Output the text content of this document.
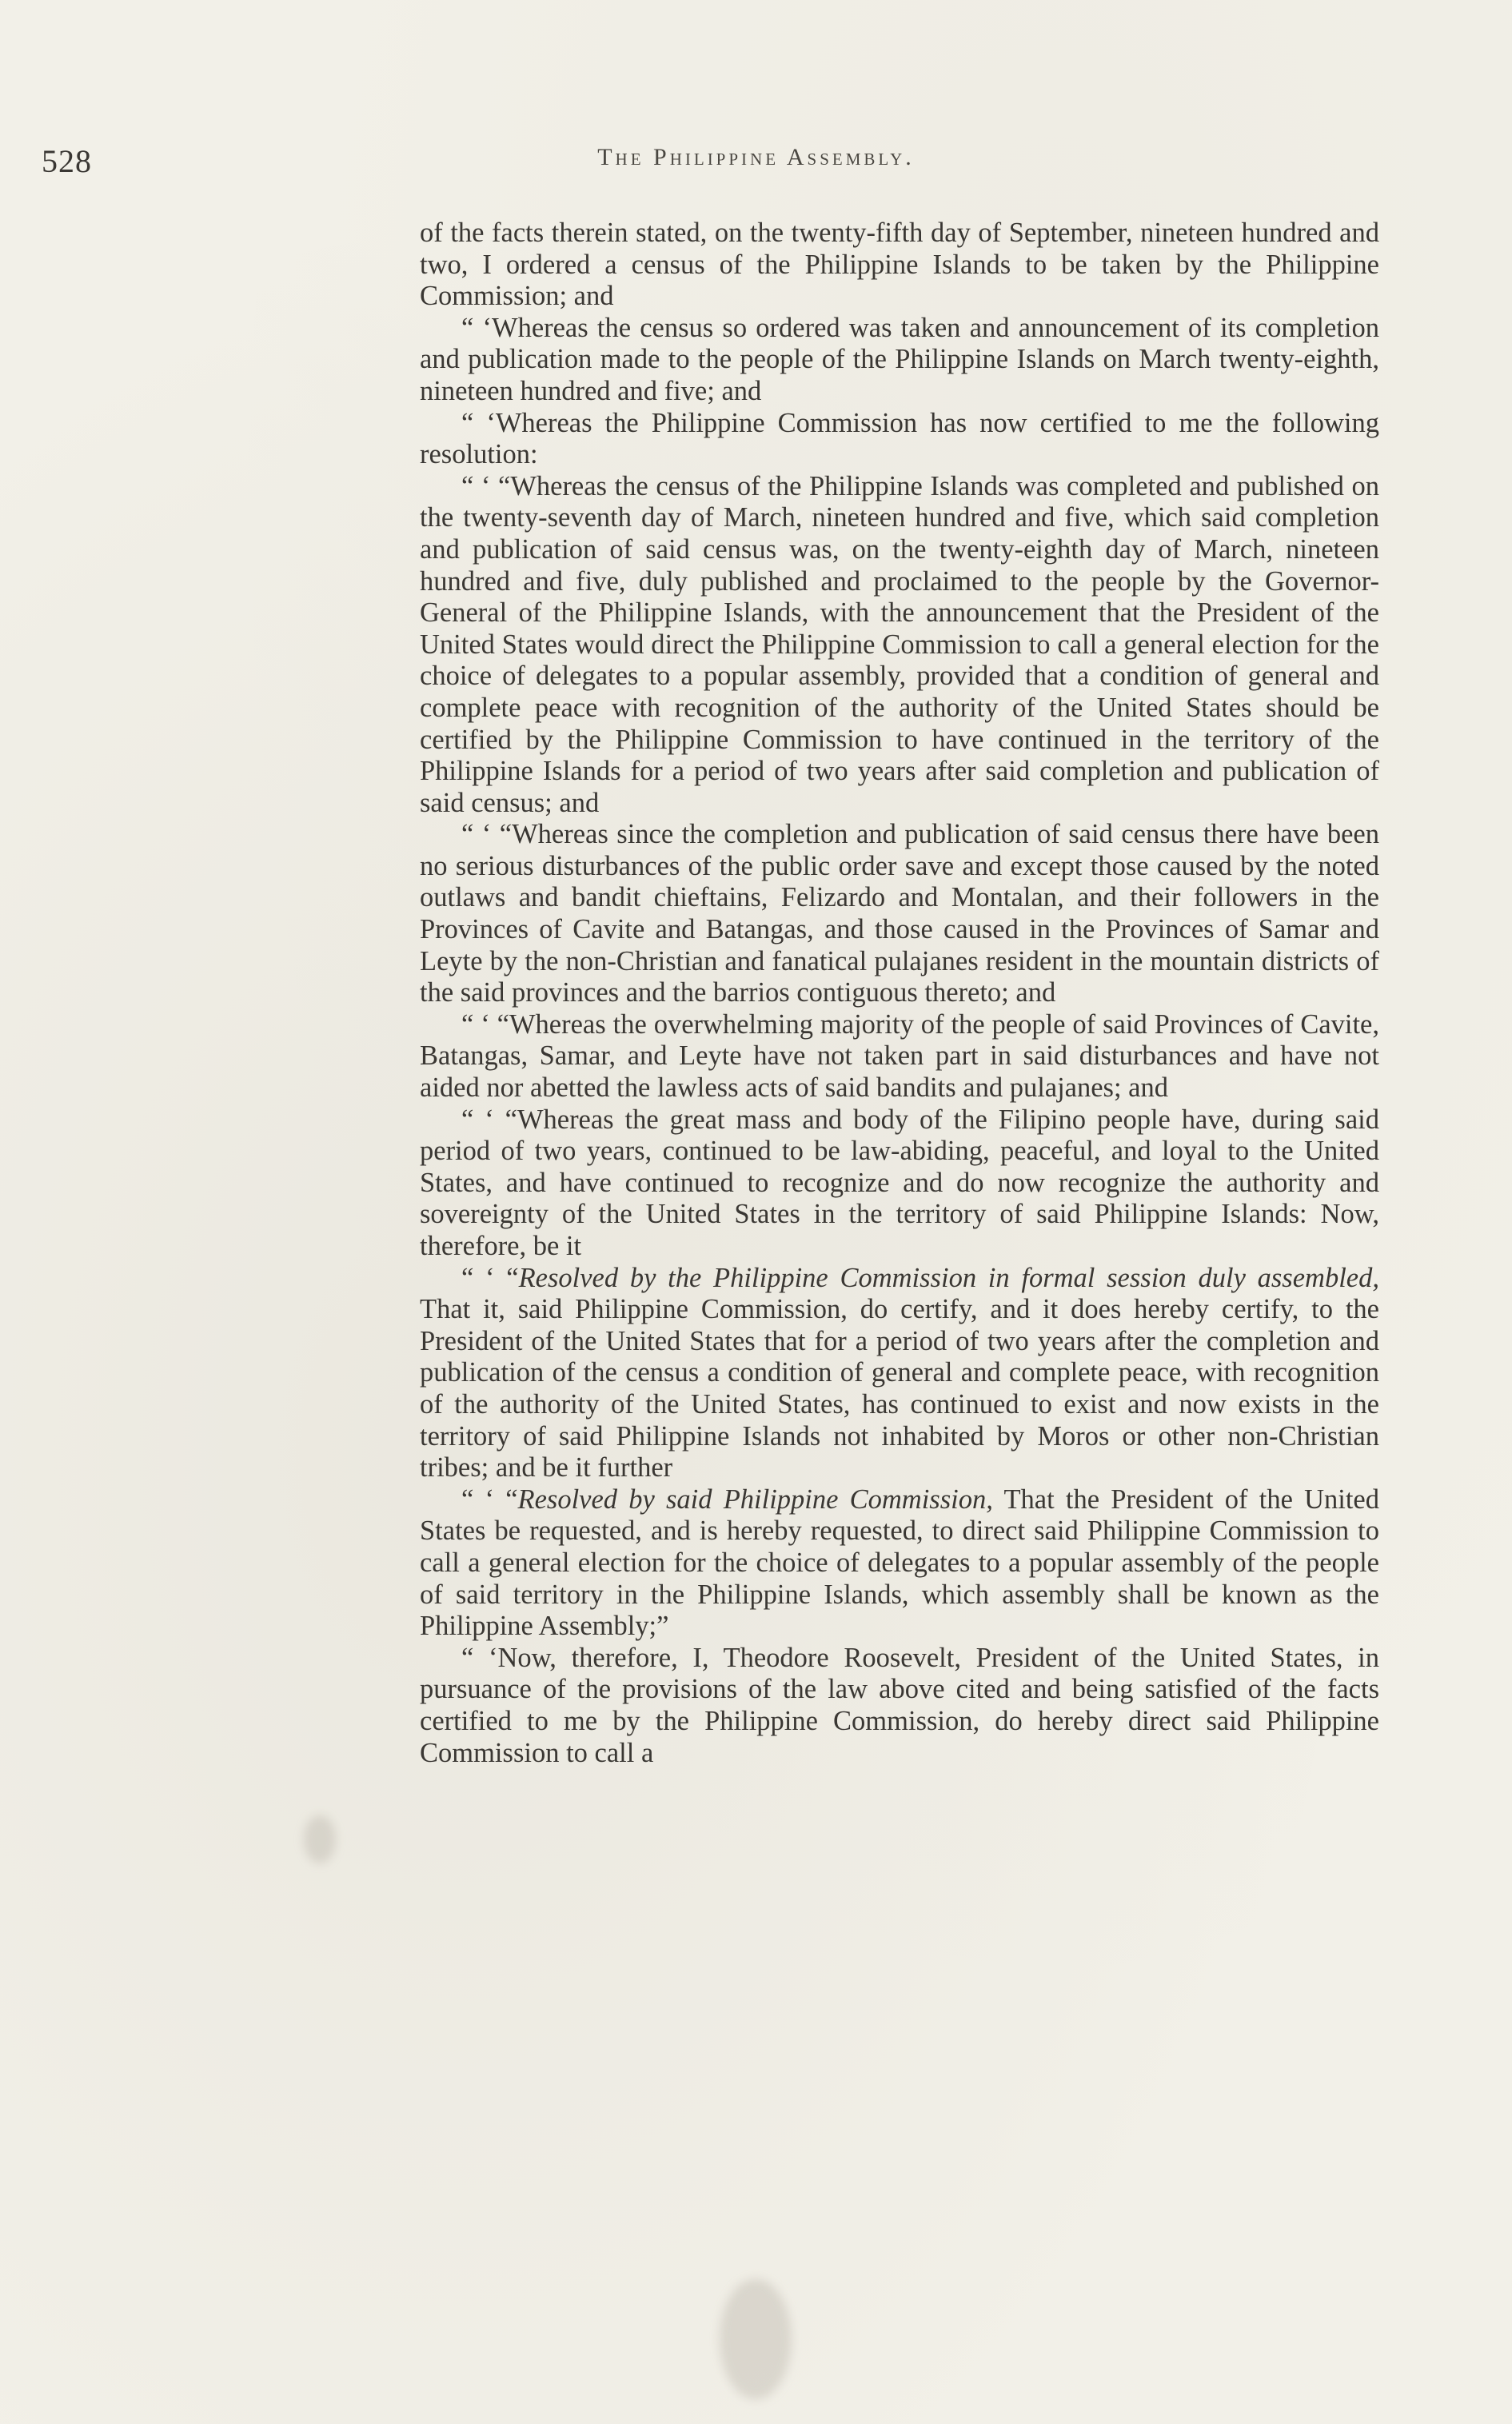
528	The Philippine Assembly.

of the facts therein stated, on the twenty-fifth day of September, nineteen hundred and two, I ordered a census of the Philippine Islands to be taken by the Philippine Commission; and

“ ‘Whereas the census so ordered was taken and announcement of its completion and publication made to the people of the Philippine Islands on March twenty-eighth, nineteen hundred and five; and

“ ‘Whereas the Philippine Commission has now certified to me the following resolution:

“ ‘ “Whereas the census of the Philippine Islands was completed and published on the twenty-seventh day of March, nineteen hundred and five, which said completion and publication of said census was, on the twenty-eighth day of March, nineteen hundred and five, duly published and proclaimed to the people by the Governor-General of the Philippine Islands, with the announcement that the President of the United States would direct the Philippine Commission to call a general election for the choice of delegates to a popular assembly, provided that a condition of general and complete peace with recognition of the authority of the United States should be certified by the Philippine Commission to have continued in the territory of the Philippine Islands for a period of two years after said completion and publication of said census; and

“ ‘ “Whereas since the completion and publication of said census there have been no serious disturbances of the public order save and except those caused by the noted outlaws and bandit chieftains, Felizardo and Montalan, and their followers in the Provinces of Cavite and Batangas, and those caused in the Provinces of Samar and Leyte by the non-Christian and fanatical pulajanes resident in the mountain districts of the said provinces and the barrios contiguous thereto; and

“ ‘ “Whereas the overwhelming majority of the people of said Provinces of Cavite, Batangas, Samar, and Leyte have not taken part in said disturbances and have not aided nor abetted the lawless acts of said bandits and pulajanes; and

“ ‘ “Whereas the great mass and body of the Filipino people have, during said period of two years, continued to be law-abiding, peaceful, and loyal to the United States, and have continued to recognize and do now recognize the authority and sovereignty of the United States in the territory of said Philippine Islands: Now, therefore, be it

“ ‘ “Resolved by the Philippine Commission in formal session duly assembled, That it, said Philippine Commission, do certify, and it does hereby certify, to the President of the United States that for a period of two years after the completion and publication of the census a condition of general and complete peace, with recognition of the authority of the United States, has continued to exist and now exists in the territory of said Philippine Islands not inhabited by Moros or other non-Christian tribes; and be it further

“ ‘ “Resolved by said Philippine Commission, That the President of the United States be requested, and is hereby requested, to direct said Philippine Commission to call a general election for the choice of delegates to a popular assembly of the people of said territory in the Philippine Islands, which assembly shall be known as the Philippine Assembly;”

“ ‘Now, therefore, I, Theodore Roosevelt, President of the United States, in pursuance of the provisions of the law above cited and being satisfied of the facts certified to me by the Philippine Commission, do hereby direct said Philippine Commission to call a
